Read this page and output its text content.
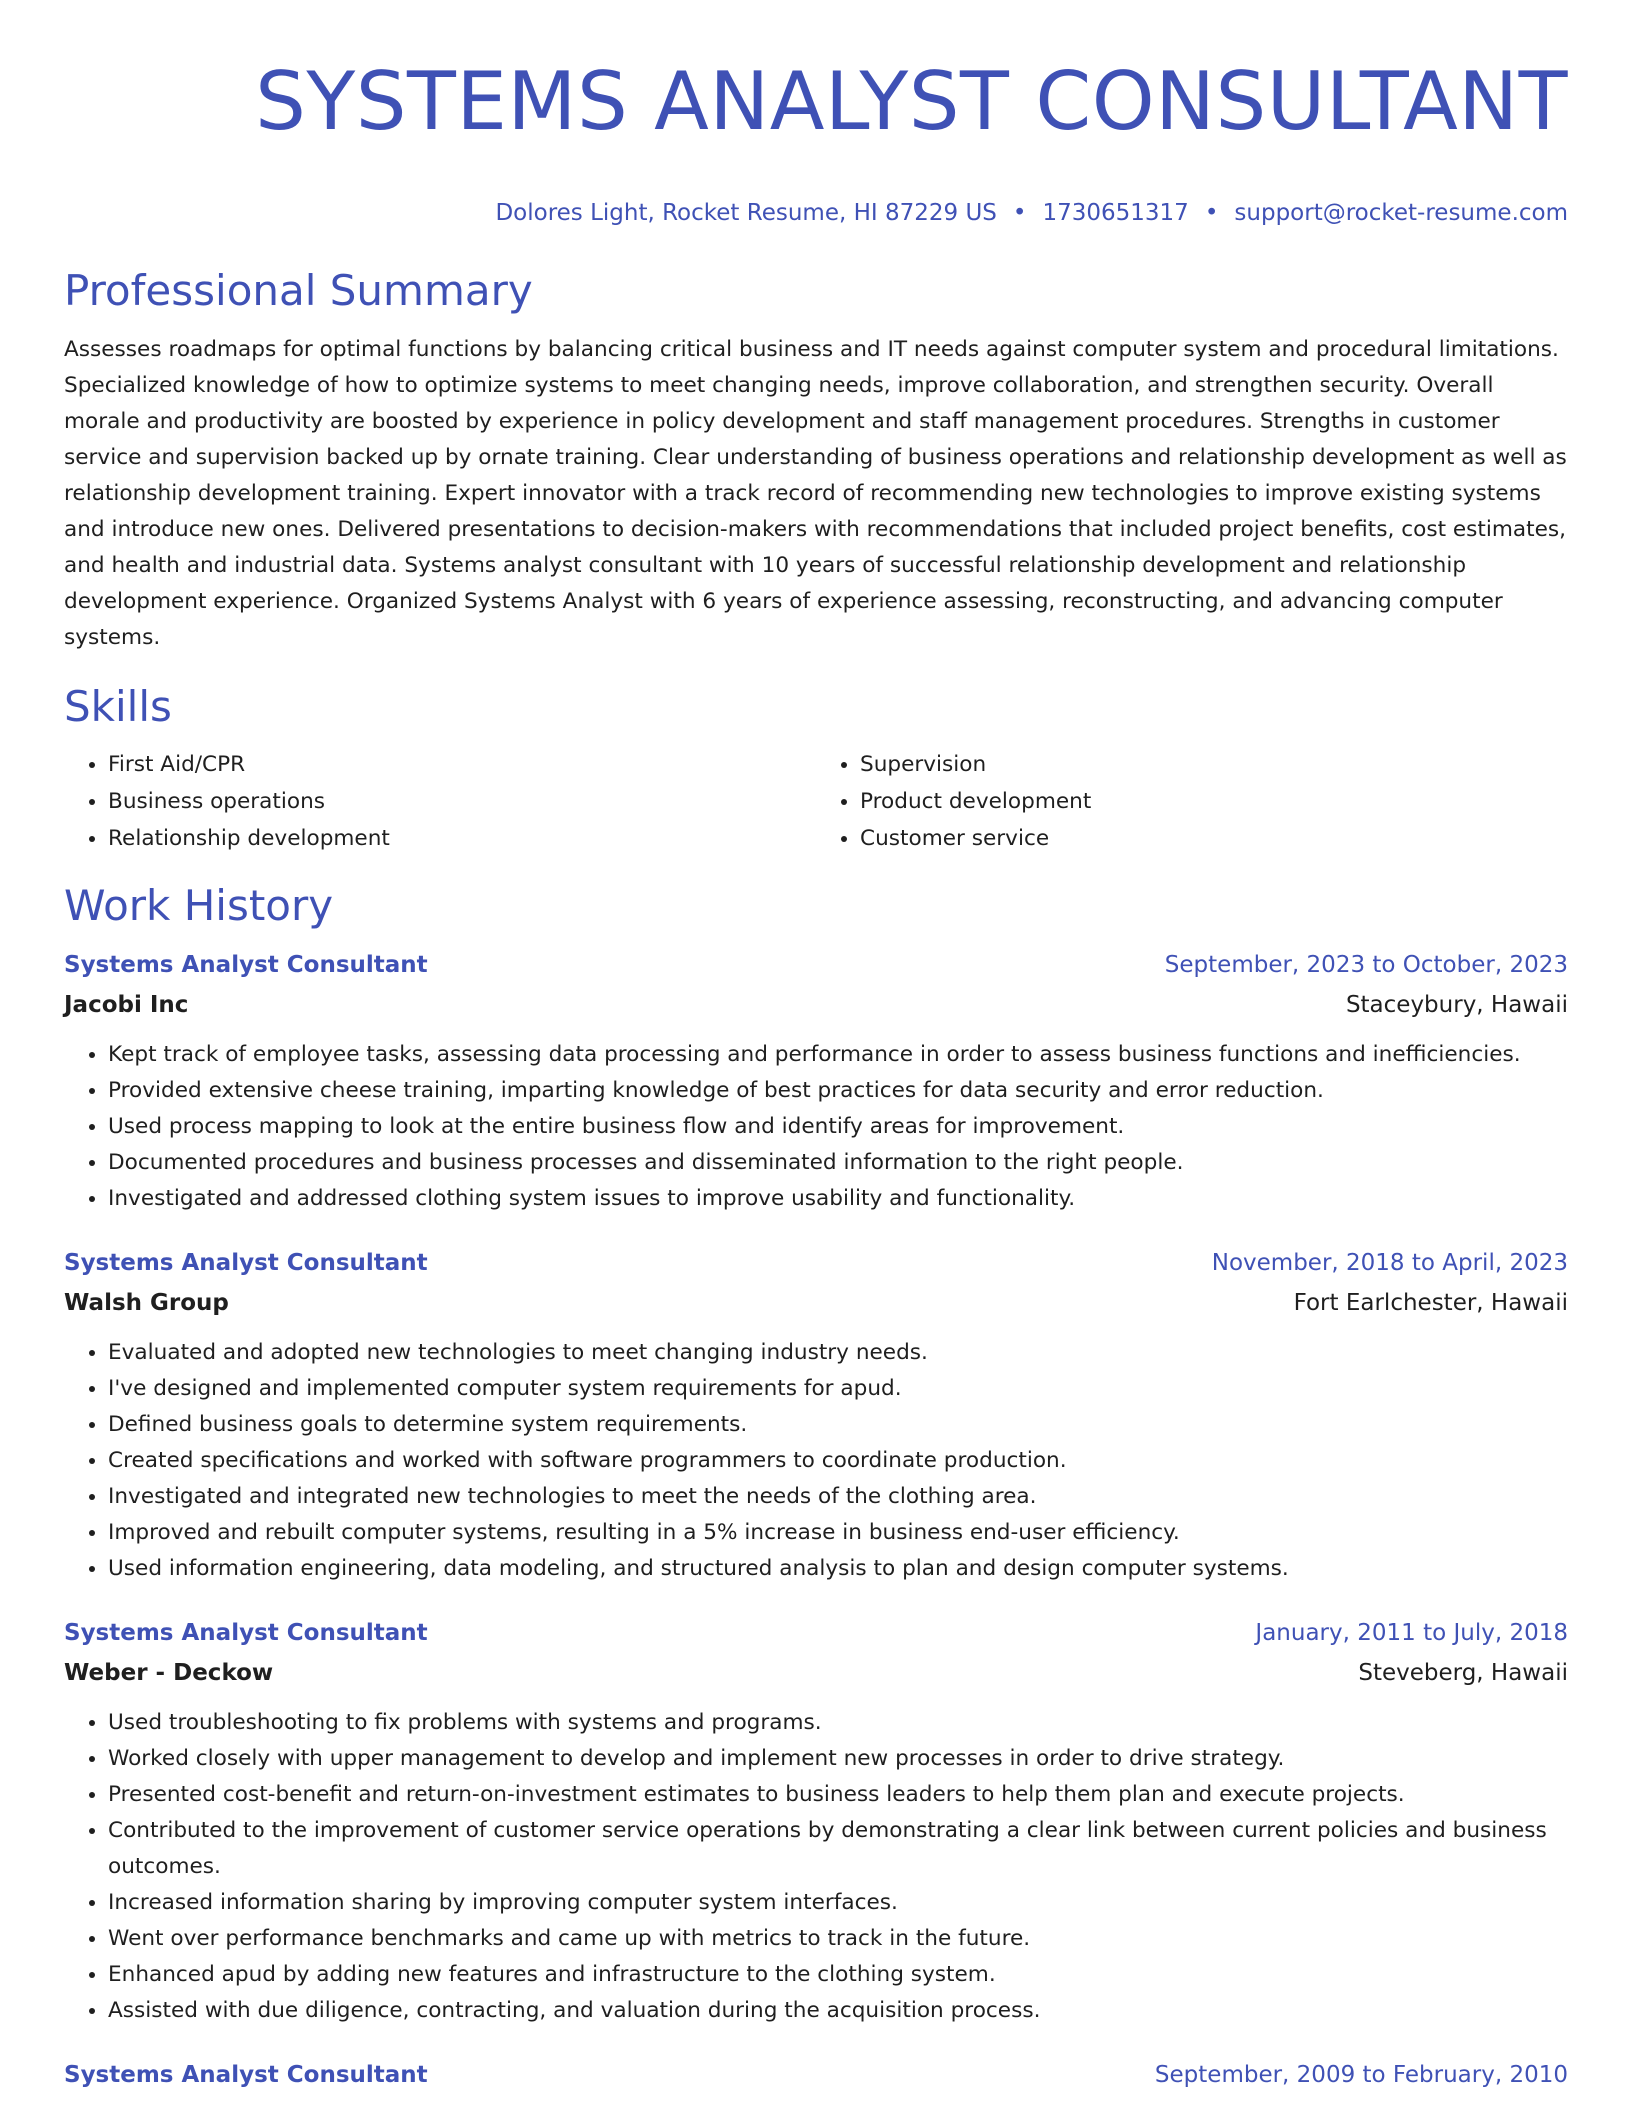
SYSTEMS ANALYST CONSULTANT
Dolores Light, Rocket Resume, HI 87229 US • 1730651317 • support@rocket-resume.com
Professional Summary

Assesses roadmaps for optimal functions by balancing critical business and IT needs against computer system and procedural limitations. Specialized knowledge of how to optimize systems to meet changing needs, improve collaboration, and strengthen security. Overall morale and productivity are boosted by experience in policy development and staff management procedures. Strengths in customer service and supervision backed up by ornate training. Clear understanding of business operations and relationship development as well as relationship development training. Expert innovator with a track record of recommending new technologies to improve existing systems and introduce new ones. Delivered presentations to decision-makers with recommendations that included project benefits, cost estimates, and health and industrial data. Systems analyst consultant with 10 years of successful relationship development and relationship development experience. Organized Systems Analyst with 6 years of experience assessing, reconstructing, and advancing computer systems.

Skills
• First Aid/CPR
• Business operations
• Relationship development
• Supervision
• Product development
• Customer service
Work History
Systems Analyst Consultant	September, 2023 to October, 2023
Jacobi Inc	Staceybury, Hawaii
• Kept track of employee tasks, assessing data processing and performance in order to assess business functions and inefficiencies.
• Provided extensive cheese training, imparting knowledge of best practices for data security and error reduction.
• Used process mapping to look at the entire business flow and identify areas for improvement.
• Documented procedures and business processes and disseminated information to the right people.
• Investigated and addressed clothing system issues to improve usability and functionality.
Systems Analyst Consultant	November, 2018 to April, 2023
Walsh Group	Fort Earlchester, Hawaii
• Evaluated and adopted new technologies to meet changing industry needs.
• I've designed and implemented computer system requirements for apud.
• Defined business goals to determine system requirements.
• Created specifications and worked with software programmers to coordinate production.
• Investigated and integrated new technologies to meet the needs of the clothing area.
• Improved and rebuilt computer systems, resulting in a 5% increase in business end-user efficiency.
• Used information engineering, data modeling, and structured analysis to plan and design computer systems.
Systems Analyst Consultant	January, 2011 to July, 2018
Weber - Deckow	Steveberg, Hawaii
• Used troubleshooting to fix problems with systems and programs.
• Worked closely with upper management to develop and implement new processes in order to drive strategy.
• Presented cost-benefit and return-on-investment estimates to business leaders to help them plan and execute projects.
• Contributed to the improvement of customer service operations by demonstrating a clear link between current policies and business outcomes.
• Increased information sharing by improving computer system interfaces.
• Went over performance benchmarks and came up with metrics to track in the future.
• Enhanced apud by adding new features and infrastructure to the clothing system.
• Assisted with due diligence, contracting, and valuation during the acquisition process.
Systems Analyst Consultant	September, 2009 to February, 2010
